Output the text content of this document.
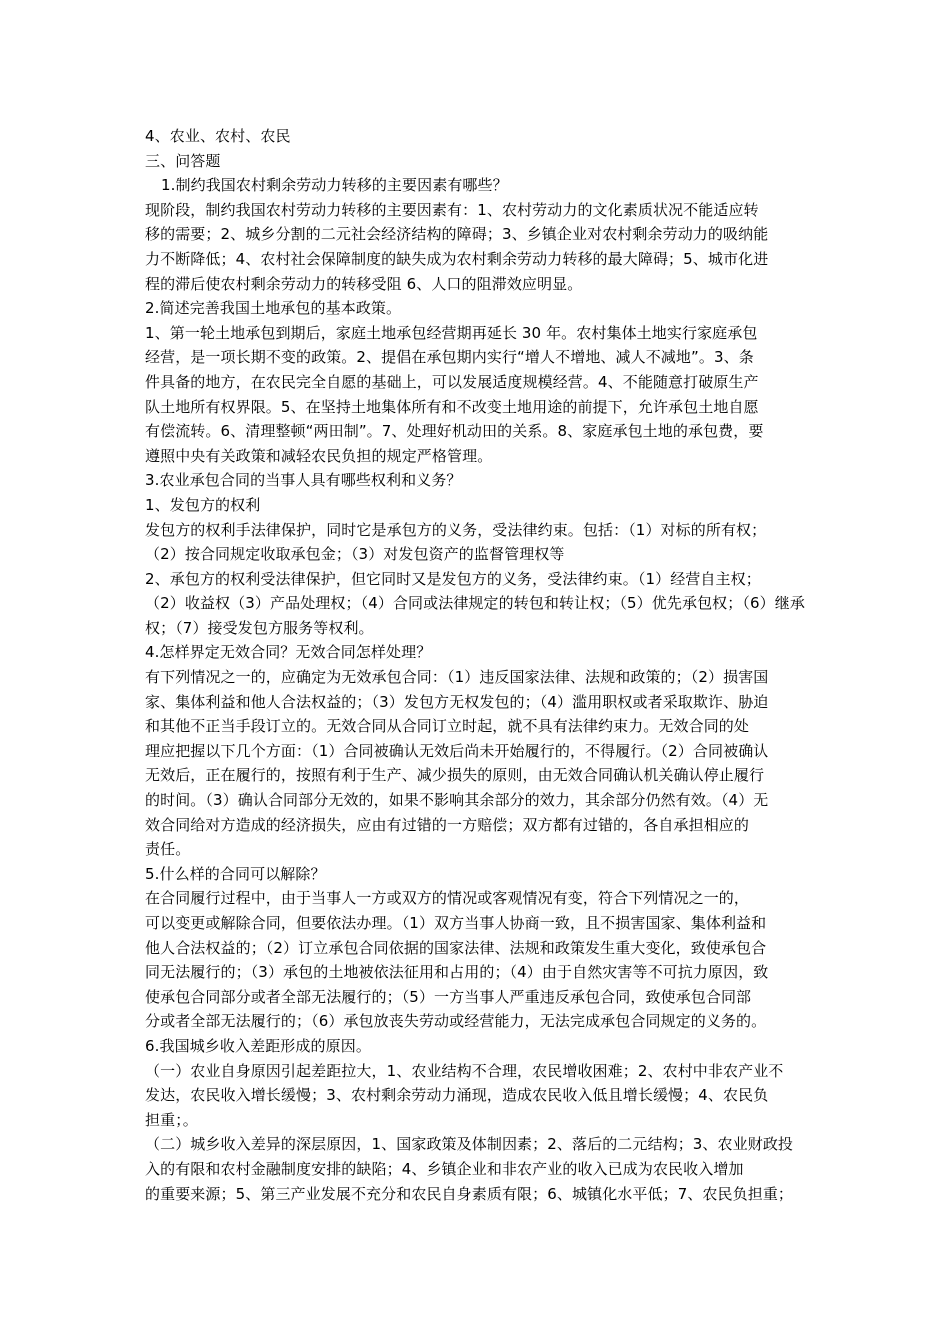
4、农业、农村、农民
三、问答题
1.制约我国农村剩余劳动力转移的主要因素有哪些？
现阶段，制约我国农村劳动力转移的主要因素有：1、农村劳动力的文化素质状况不能适应转
移的需要；2、城乡分割的二元社会经济结构的障碍；3、乡镇企业对农村剩余劳动力的吸纳能
力不断降低；4、农村社会保障制度的缺失成为农村剩余劳动力转移的最大障碍；5、城市化进
程的滞后使农村剩余劳动力的转移受阻 6、人口的阻滞效应明显。
2.简述完善我国土地承包的基本政策。
1、第一轮土地承包到期后，家庭土地承包经营期再延长 30 年。农村集体土地实行家庭承包
经营，是一项长期不变的政策。2、提倡在承包期内实行“增人不增地、减人不减地”。3、条
件具备的地方，在农民完全自愿的基础上，可以发展适度规模经营。4、不能随意打破原生产
队土地所有权界限。5、在坚持土地集体所有和不改变土地用途的前提下，允许承包土地自愿
有偿流转。6、清理整顿“两田制”。7、处理好机动田的关系。8、家庭承包土地的承包费，要
遵照中央有关政策和减轻农民负担的规定严格管理。
3.农业承包合同的当事人具有哪些权利和义务？
1、发包方的权利
发包方的权利手法律保护，同时它是承包方的义务，受法律约束。包括：（1）对标的所有权；
（2）按合同规定收取承包金；（3）对发包资产的监督管理权等
2、承包方的权利受法律保护，但它同时又是发包方的义务，受法律约束。（1）经营自主权；
（2）收益权（3）产品处理权；（4）合同或法律规定的转包和转让权；（5）优先承包权；（6）继承
权；（7）接受发包方服务等权利。
4.怎样界定无效合同？无效合同怎样处理？
有下列情况之一的，应确定为无效承包合同：（1）违反国家法律、法规和政策的；（2）损害国
家、集体利益和他人合法权益的；（3）发包方无权发包的；（4）滥用职权或者采取欺诈、胁迫
和其他不正当手段订立的。无效合同从合同订立时起，就不具有法律约束力。无效合同的处
理应把握以下几个方面：（1）合同被确认无效后尚未开始履行的，不得履行。（2）合同被确认
无效后，正在履行的，按照有利于生产、减少损失的原则，由无效合同确认机关确认停止履行
的时间。（3）确认合同部分无效的，如果不影响其余部分的效力，其余部分仍然有效。（4）无
效合同给对方造成的经济损失，应由有过错的一方赔偿；双方都有过错的，各自承担相应的
责任。
5.什么样的合同可以解除？
在合同履行过程中，由于当事人一方或双方的情况或客观情况有变，符合下列情况之一的，
可以变更或解除合同，但要依法办理。（1）双方当事人协商一致，且不损害国家、集体利益和
他人合法权益的；（2）订立承包合同依据的国家法律、法规和政策发生重大变化，致使承包合
同无法履行的；（3）承包的土地被依法征用和占用的；（4）由于自然灾害等不可抗力原因，致
使承包合同部分或者全部无法履行的；（5）一方当事人严重违反承包合同，致使承包合同部
分或者全部无法履行的；（6）承包放丧失劳动或经营能力，无法完成承包合同规定的义务的。
6.我国城乡收入差距形成的原因。
（一）农业自身原因引起差距拉大，1、农业结构不合理，农民增收困难；2、农村中非农产业不
发达，农民收入增长缓慢；3、农村剩余劳动力涌现，造成农民收入低且增长缓慢；4、农民负
担重；。
（二）城乡收入差异的深层原因，1、国家政策及体制因素；2、落后的二元结构；3、农业财政投
入的有限和农村金融制度安排的缺陷；4、乡镇企业和非农产业的收入已成为农民收入增加
的重要来源；5、第三产业发展不充分和农民自身素质有限；6、城镇化水平低；7、农民负担重；
